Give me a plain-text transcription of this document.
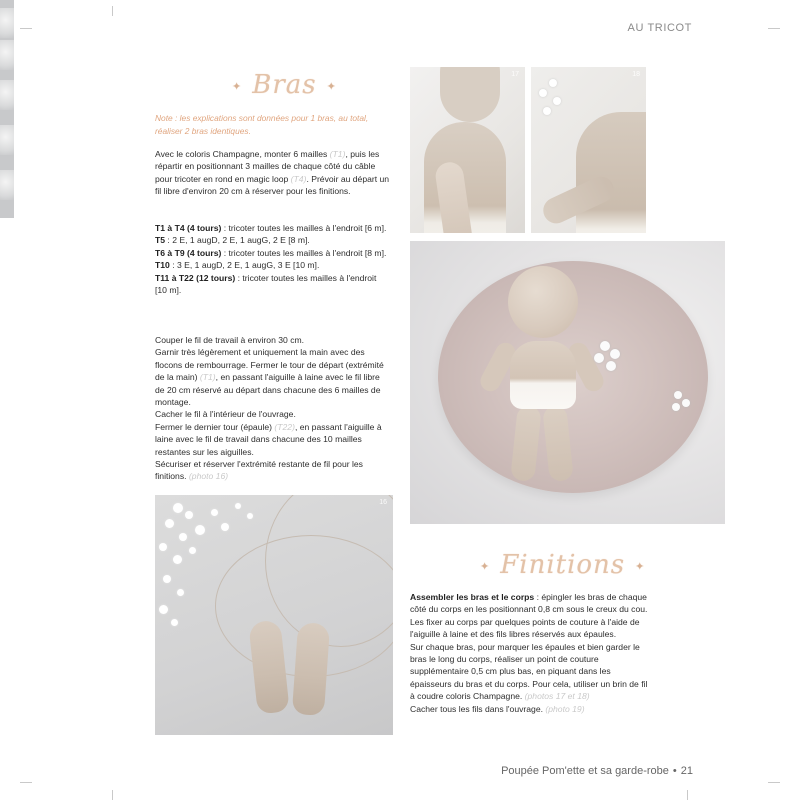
AU TRICOT
✦ Bras ✦
Note : les explications sont données pour 1 bras, au total, réaliser 2 bras identiques.

Avec le coloris Champagne, monter 6 mailles (T1), puis les répartir en positionnant 3 mailles de chaque côté du câble pour tricoter en rond en magic loop (T4). Prévoir au départ un fil libre d'environ 20 cm à réserver pour les finitions.

T1 à T4 (4 tours) : tricoter toutes les mailles à l'endroit [6 m].

T5 : 2 E, 1 augD, 2 E, 1 augG, 2 E [8 m].

T6 à T9 (4 tours) : tricoter toutes les mailles à l'endroit [8 m].

T10 : 3 E, 1 augD, 2 E, 1 augG, 3 E [10 m].

T11 à T22 (12 tours) : tricoter toutes les mailles à l'endroit [10 m].

Couper le fil de travail à environ 30 cm.

Garnir très légèrement et uniquement la main avec des flocons de rembourrage. Fermer le tour de départ (extrémité de la main) (T1), en passant l'aiguille à laine avec le fil libre de 20 cm réservé au départ dans chacune des 6 mailles de montage.

Cacher le fil à l'intérieur de l'ouvrage.

Fermer le dernier tour (épaule) (T22), en passant l'aiguille à laine avec le fil de travail dans chacune des 10 mailles restantes sur les aiguilles.

Sécuriser et réserver l'extrémité restante de fil pour les finitions. (photo 16)

17	18
16
✦ Finitions ✦

Assembler les bras et le corps : épingler les bras de chaque côté du corps en les positionnant 0,8 cm sous le creux du cou. Les fixer au corps par quelques points de couture à l'aide de l'aiguille à laine et des fils libres réservés aux épaules.

Sur chaque bras, pour marquer les épaules et bien garder le bras le long du corps, réaliser un point de couture supplémentaire 0,5 cm plus bas, en piquant dans les épaisseurs du bras et du corps. Pour cela, utiliser un brin de fil à coudre coloris Champagne. (photos 17 et 18)

Cacher tous les fils dans l'ouvrage. (photo 19)

Poupée Pom'ette et sa garde-robe • 21
